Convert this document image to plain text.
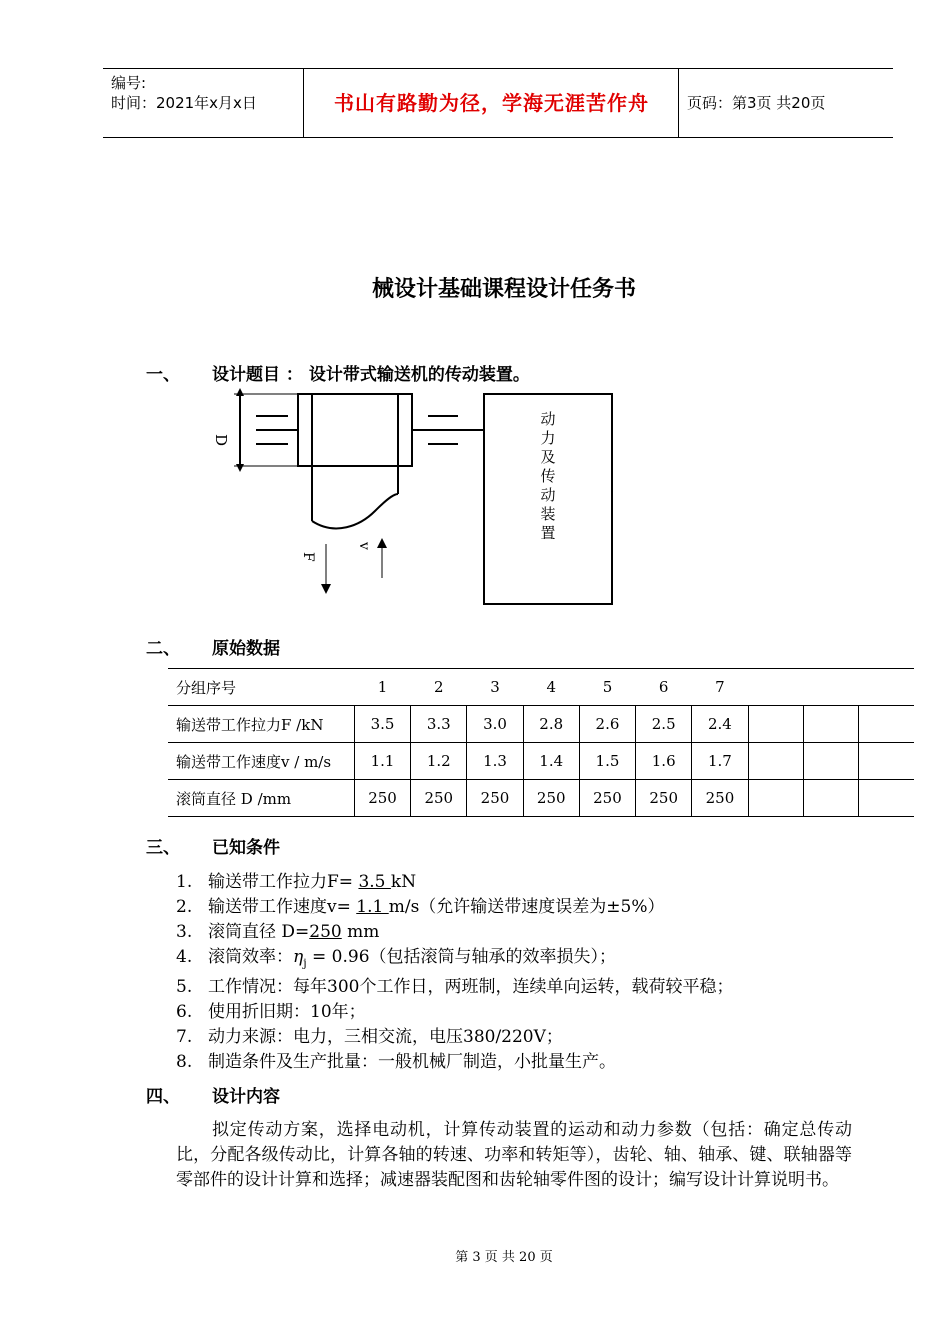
编号:
时间：2021年x月x日	书山有路勤为径，学海无涯苦作舟	页码：第3页 共20页
械设计基础课程设计任务书
一、 设计题目 ： 设计带式输送机的传动装置。
D
F
v
动力及传动装置
二、 原始数据
分组序号	1	2	3	4	5	6	7			
输送带工作拉力F /kN	3.5	3.3	3.0	2.8	2.6	2.5	2.4			
输送带工作速度v / m/s	1.1	1.2	1.3	1.4	1.5	1.6	1.7			
滚筒直径 D /mm	250	250	250	250	250	250	250			
三、 已知条件
1. 输送带工作拉力F= 3.5 kN
2. 输送带工作速度v= 1.1 m/s（允许输送带速度误差为±5%）
3. 滚筒直径 D=250 mm
4. 滚筒效率：$\eta_j = 0.96$（包括滚筒与轴承的效率损失）；
5. 工作情况：每年300个工作日，两班制，连续单向运转，载荷较平稳；
6. 使用折旧期：10年；
7. 动力来源：电力，三相交流，电压380/220V；
8. 制造条件及生产批量：一般机械厂制造，小批量生产。
四、 设计内容

拟定传动方案，选择电动机，计算传动装置的运动和动力参数（包括：确定总传动比，分配各级传动比，计算各轴的转速、功率和转矩等），齿轮、轴、轴承、键、联轴器等零部件的设计计算和选择；减速器装配图和齿轮轴零件图的设计；编写设计计算说明书。

第 3 页 共 20 页
